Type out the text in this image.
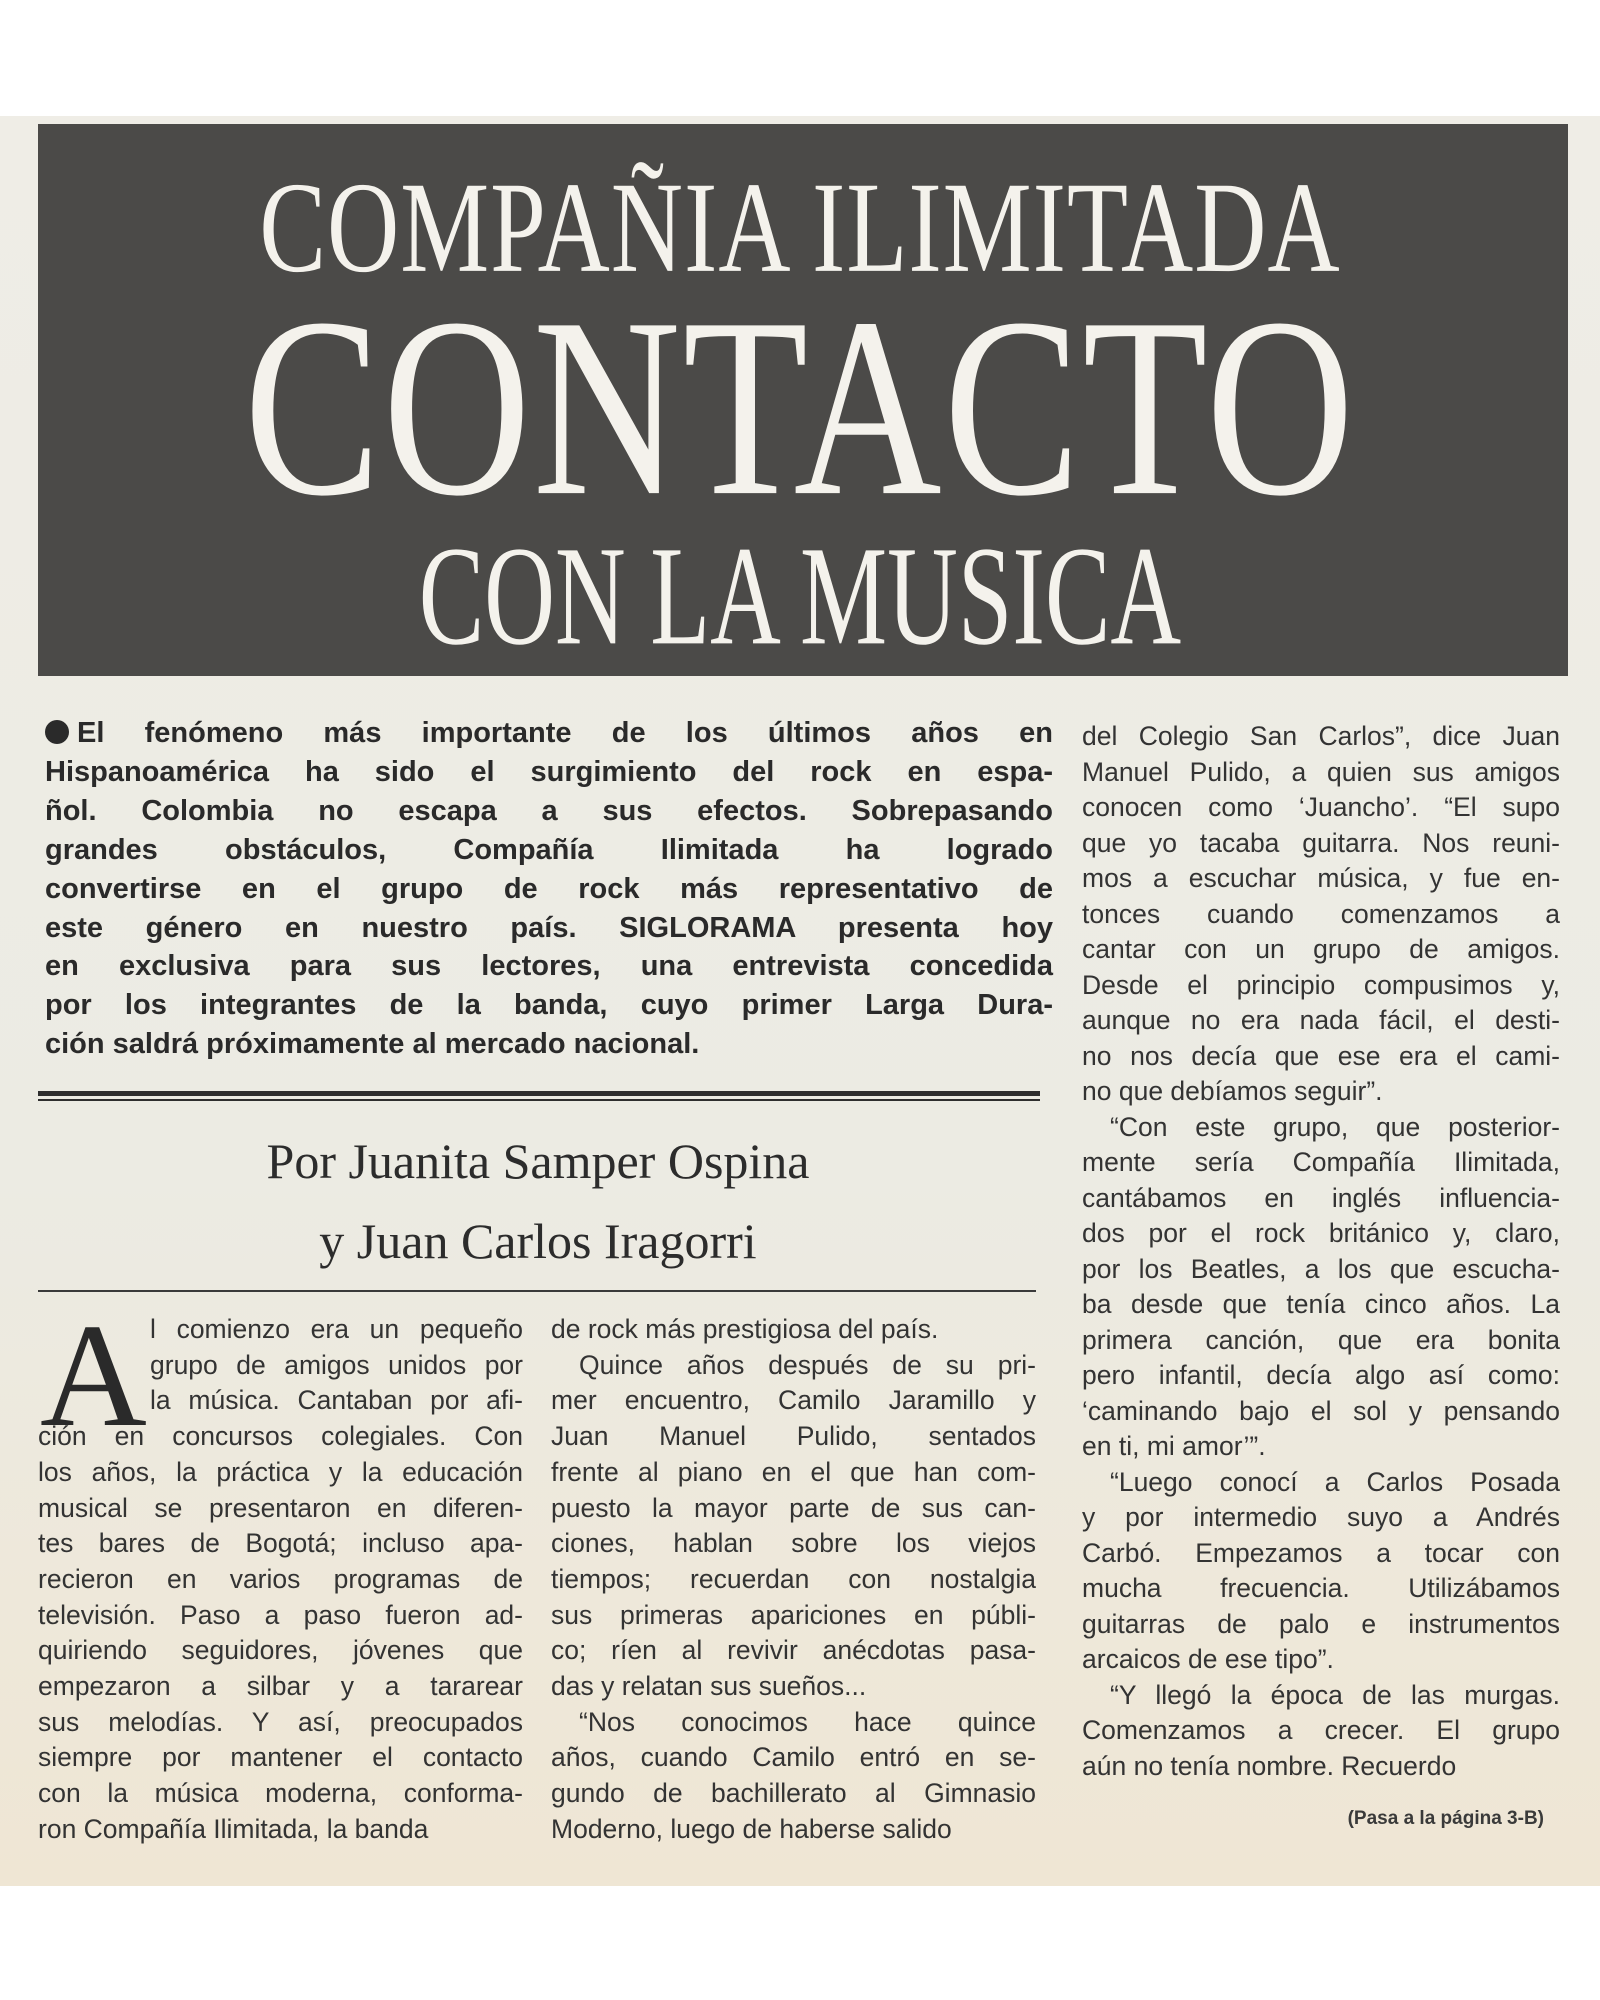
COMPAÑIA ILIMITADA
CONTACTO
CON LA MUSICA
El fenómeno más importante de los últimos años en
Hispanoamérica ha sido el surgimiento del rock en espa-
ñol. Colombia no escapa a sus efectos. Sobrepasando
grandes obstáculos, Compañía Ilimitada ha logrado
convertirse en el grupo de rock más representativo de
este género en nuestro país. SIGLORAMA presenta hoy
en exclusiva para sus lectores, una entrevista concedida
por los integrantes de la banda, cuyo primer Larga Dura-
ción saldrá próximamente al mercado nacional.
Por Juanita Samper Ospina
y Juan Carlos Iragorri
A l comienzo era un pequeño
grupo de amigos unidos por
la música. Cantaban por afi-
ción en concursos colegiales. Con
los años, la práctica y la educación
musical se presentaron en diferen-
tes bares de Bogotá; incluso apa-
recieron en varios programas de
televisión. Paso a paso fueron ad-
quiriendo seguidores, jóvenes que
empezaron a silbar y a tararear
sus melodías. Y así, preocupados
siempre por mantener el contacto
con la música moderna, conforma-
ron Compañía Ilimitada, la banda
de rock más prestigiosa del país.
Quince años después de su pri-
mer encuentro, Camilo Jaramillo y
Juan Manuel Pulido, sentados
frente al piano en el que han com-
puesto la mayor parte de sus can-
ciones, hablan sobre los viejos
tiempos; recuerdan con nostalgia
sus primeras apariciones en públi-
co; ríen al revivir anécdotas pasa-
das y relatan sus sueños...
“Nos conocimos hace quince
años, cuando Camilo entró en se-
gundo de bachillerato al Gimnasio
Moderno, luego de haberse salido
del Colegio San Carlos”, dice Juan
Manuel Pulido, a quien sus amigos
conocen como ‘Juancho’. “El supo
que yo tacaba guitarra. Nos reuni-
mos a escuchar música, y fue en-
tonces cuando comenzamos a
cantar con un grupo de amigos.
Desde el principio compusimos y,
aunque no era nada fácil, el desti-
no nos decía que ese era el cami-
no que debíamos seguir”.
“Con este grupo, que posterior-
mente sería Compañía Ilimitada,
cantábamos en inglés influencia-
dos por el rock británico y, claro,
por los Beatles, a los que escucha-
ba desde que tenía cinco años. La
primera canción, que era bonita
pero infantil, decía algo así como:
‘caminando bajo el sol y pensando
en ti, mi amor’”.
“Luego conocí a Carlos Posada
y por intermedio suyo a Andrés
Carbó. Empezamos a tocar con
mucha frecuencia. Utilizábamos
guitarras de palo e instrumentos
arcaicos de ese tipo”.
“Y llegó la época de las murgas.
Comenzamos a crecer. El grupo
aún no tenía nombre. Recuerdo
(Pasa a la página 3-B)
